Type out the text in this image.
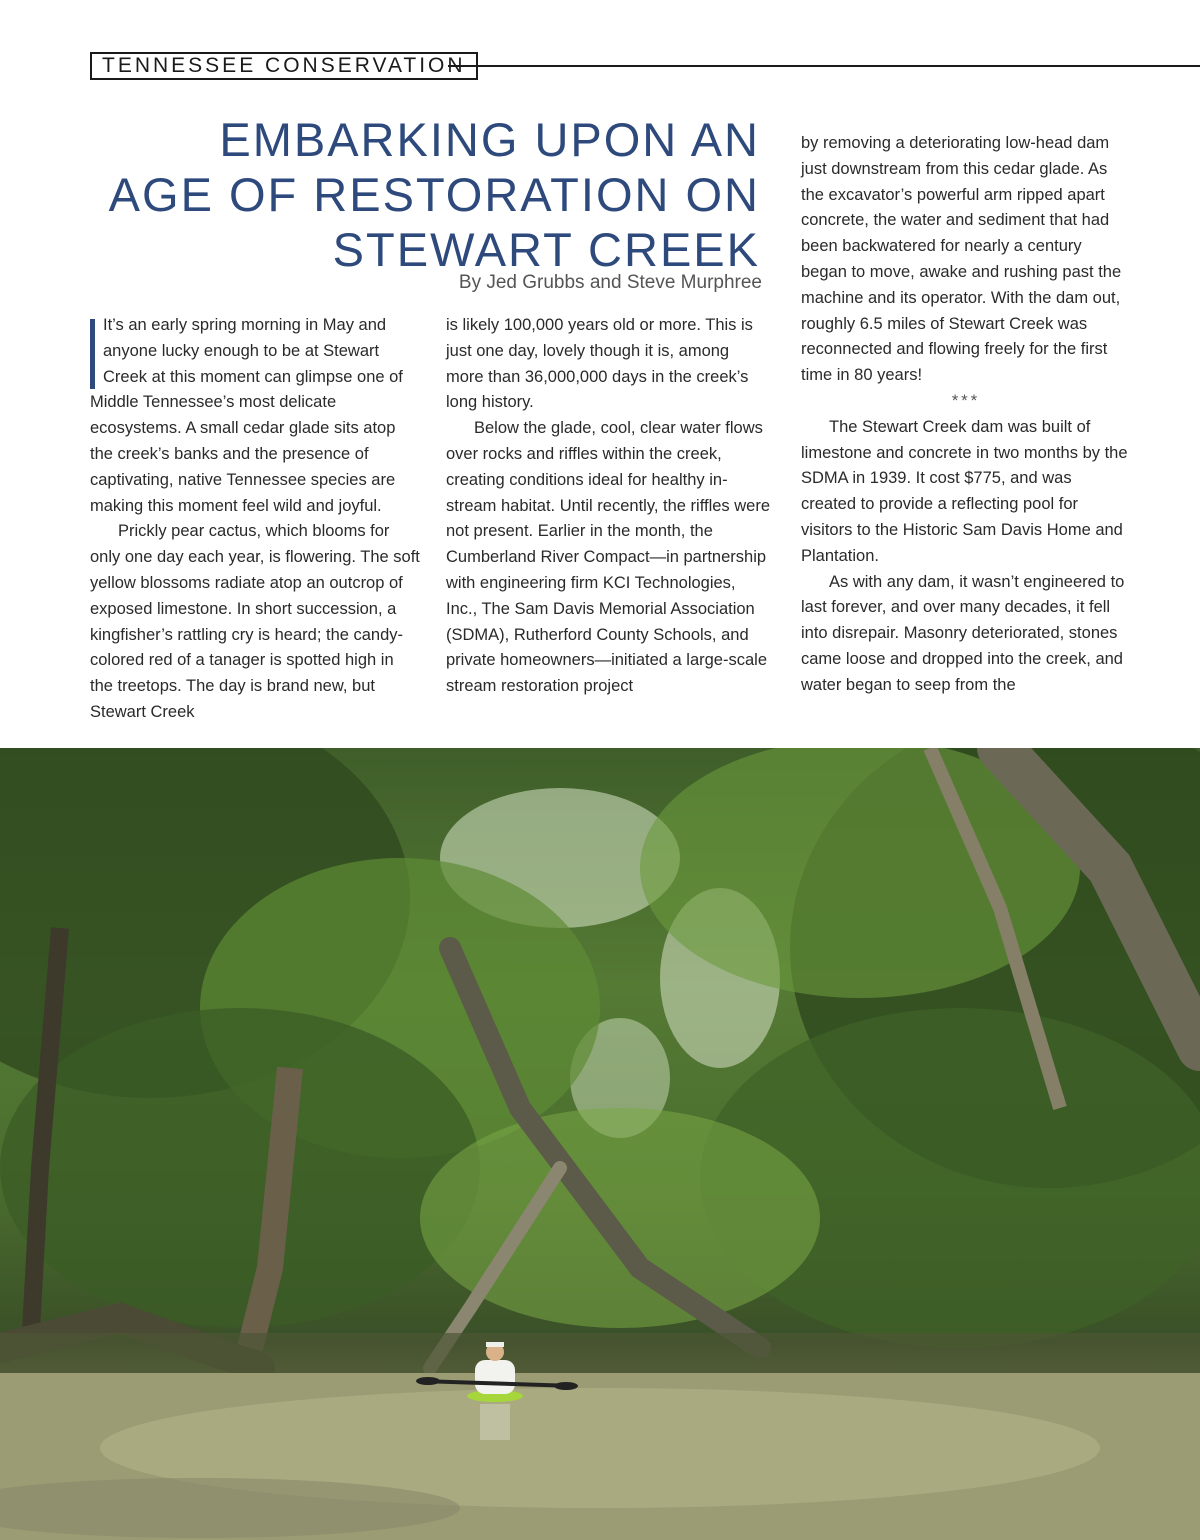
TENNESSEE CONSERVATION
EMBARKING UPON AN
AGE OF RESTORATION ON
STEWART CREEK

By Jed Grubbs and Steve Murphree

It’s an early spring morning in May and anyone lucky enough to be at Stewart Creek at this moment can glimpse one of Middle Tennessee’s most delicate ecosystems. A small cedar glade sits atop the creek’s banks and the presence of captivating, native Tennessee species are making this moment feel wild and joyful.

Prickly pear cactus, which blooms for only one day each year, is flowering. The soft yellow blossoms radiate atop an outcrop of exposed limestone. In short succession, a kingfisher’s rattling cry is heard; the candy-colored red of a tanager is spotted high in the treetops. The day is brand new, but Stewart Creek

is likely 100,000 years old or more. This is just one day, lovely though it is, among more than 36,000,000 days in the creek’s long history.

Below the glade, cool, clear water flows over rocks and riffles within the creek, creating conditions ideal for healthy in-stream habitat. Until recently, the riffles were not present. Earlier in the month, the Cumberland River Compact—in partnership with engineering firm KCI Technologies, Inc., The Sam Davis Memorial Association (SDMA), Rutherford County Schools, and private homeowners—initiated a large-scale stream restoration project

by removing a deteriorating low-head dam just downstream from this cedar glade. As the excavator’s powerful arm ripped apart concrete, the water and sediment that had been backwatered for nearly a century began to move, awake and rushing past the machine and its operator. With the dam out, roughly 6.5 miles of Stewart Creek was reconnected and flowing freely for the first time in 80 years!

***

The Stewart Creek dam was built of limestone and concrete in two months by the SDMA in 1939. It cost $775, and was created to provide a reflecting pool for visitors to the Historic Sam Davis Home and Plantation.

As with any dam, it wasn’t engineered to last forever, and over many decades, it fell into disrepair. Masonry deteriorated, stones came loose and dropped into the creek, and water began to seep from the
